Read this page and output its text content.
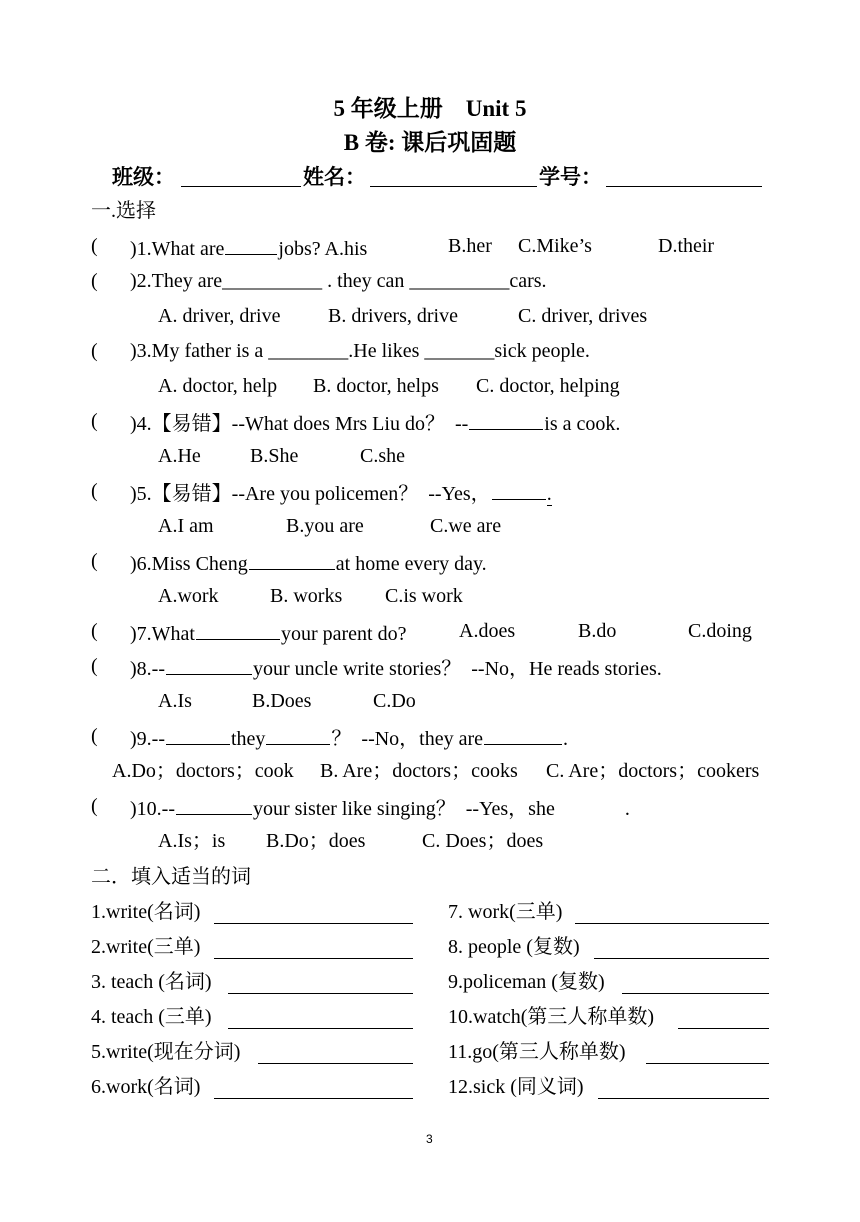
5 年级上册    Unit 5
B 卷: 课后巩固题
班级：	姓名：	学号：
一.选择
( )1.What are	jobs? A.his	B.her C.Mike’s	D.their
( )2.They are__________ . they can __________cars.
A. driver, drive B. drivers, drive	C. driver, drives
( )3.My father is a ________.He likes _______sick people.
A. doctor, help B. doctor, helps C. doctor, helping
( )4.【易错】--What does Mrs Liu do？  --	is a cook.
A.He B.She	C.she
( )5.【易错】--Are you policemen？  --Yes，	.
A.I am	B.you are	C.we are
( )6.Miss Cheng	at home every day.
A.work	B. works C.is work
( )7.What	your parent do?	A.does	B.do	C.doing
( )8.--	your uncle write stories？  --No，He reads stories.
A.Is	B.Does	C.Do
( )9.--	they	？  --No，they are	.
A.Do；doctors；cook B. Are；doctors；cooks C. Are；doctors；cookers
( )10.--	your sister like singing？  --Yes，she	.
A.Is；is B.Do；does	C. Does；does
二．填入适当的词
1.write(名词)
2.write(三单)
3. teach (名词)
4. teach (三单)
5.write(现在分词)
6.work(名词)
7. work(三单)
8. people (复数)
9.policeman (复数)
10.watch(第三人称单数)
11.go(第三人称单数)
12.sick (同义词)
3
